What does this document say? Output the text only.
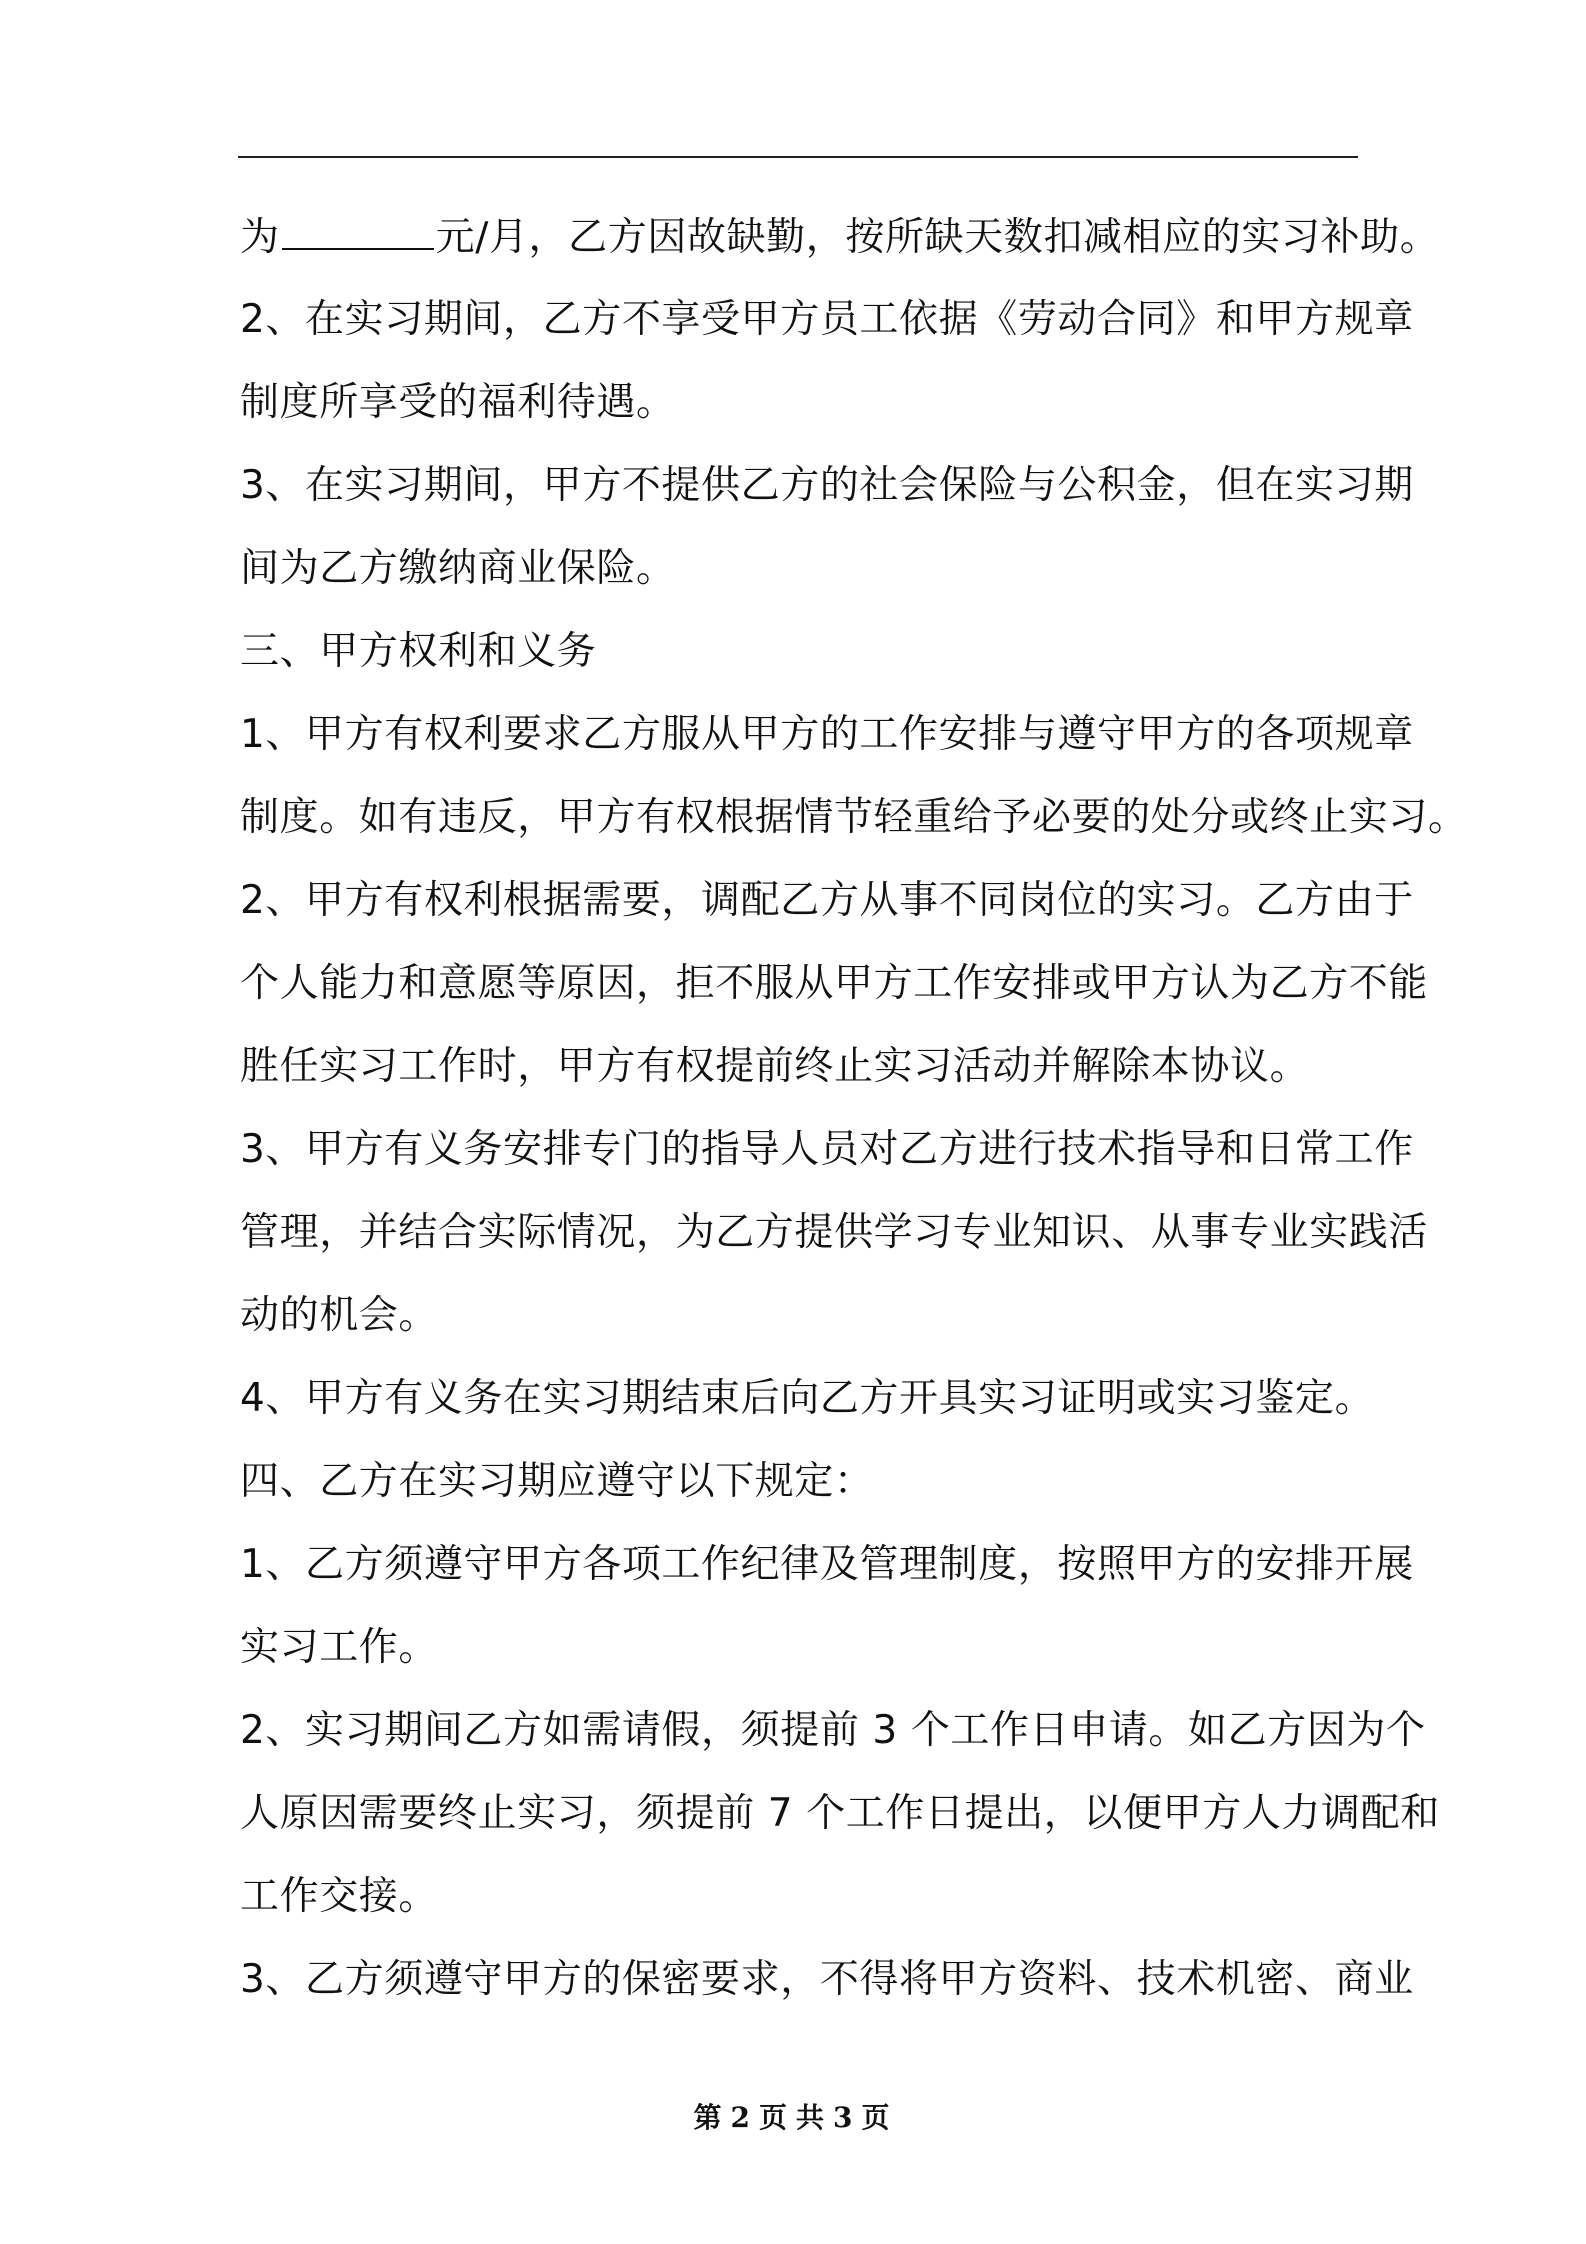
为	元/月，乙方因故缺勤，按所缺天数扣减相应的实习补助。
2、在实习期间，乙方不享受甲方员工依据《劳动合同》和甲方规章
制度所享受的福利待遇。
3、在实习期间，甲方不提供乙方的社会保险与公积金，但在实习期
间为乙方缴纳商业保险。
三、甲方权利和义务
1、甲方有权利要求乙方服从甲方的工作安排与遵守甲方的各项规章
制度。如有违反，甲方有权根据情节轻重给予必要的处分或终止实习。
2、甲方有权利根据需要，调配乙方从事不同岗位的实习。乙方由于
个人能力和意愿等原因，拒不服从甲方工作安排或甲方认为乙方不能
胜任实习工作时，甲方有权提前终止实习活动并解除本协议。
3、甲方有义务安排专门的指导人员对乙方进行技术指导和日常工作
管理，并结合实际情况，为乙方提供学习专业知识、从事专业实践活
动的机会。
4、甲方有义务在实习期结束后向乙方开具实习证明或实习鉴定。
四、乙方在实习期应遵守以下规定：
1、乙方须遵守甲方各项工作纪律及管理制度，按照甲方的安排开展
实习工作。
2、实习期间乙方如需请假，须提前 3 个工作日申请。如乙方因为个
人原因需要终止实习，须提前 7 个工作日提出，以便甲方人力调配和
工作交接。
3、乙方须遵守甲方的保密要求，不得将甲方资料、技术机密、商业
第 2 页 共 3 页
